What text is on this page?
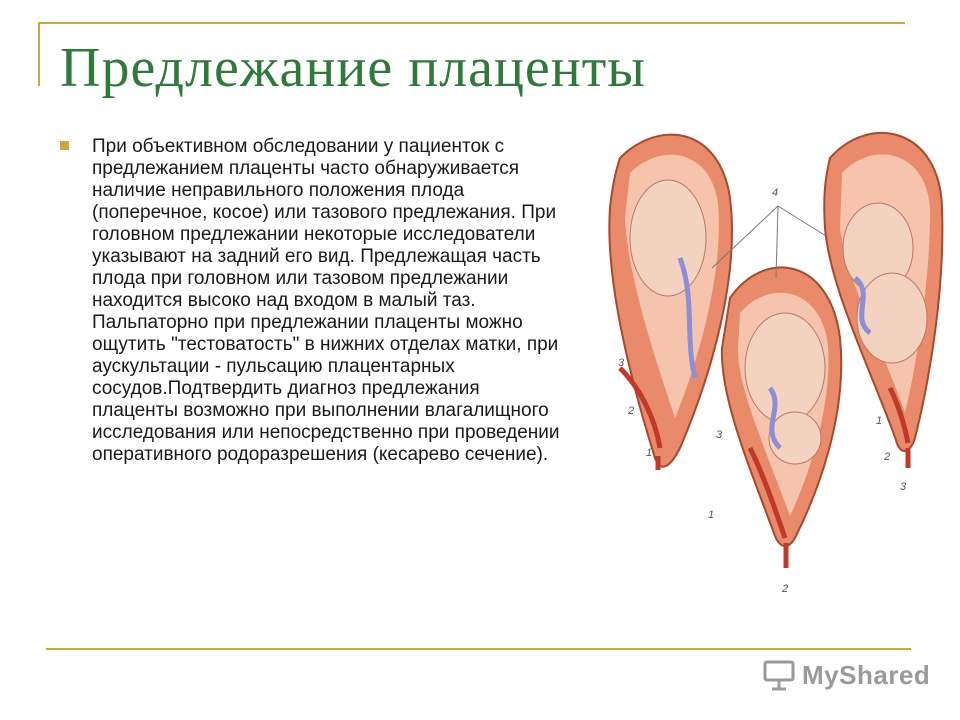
Предлежание плаценты

При объективном обследовании у пациенток с предлежанием плаценты часто обнаруживается наличие неправильного положения плода (поперечное, косое) или тазового предлежания. При головном предлежании некоторые исследователи указывают на задний его вид. Предлежащая часть плода при головном или тазовом предлежании находится высоко над входом в малый таз. Пальпаторно при предлежании плаценты можно ощутить "тестоватость" в нижних отделах матки, при аускультации - пульсацию плацентарных сосудов.Подтвердить диагноз предлежания плаценты возможно при выполнении влагалищного исследования или непосредственно при проведении оперативного родоразрешения (кесарево сечение).

4
3
2
1
3
1
2
1
2
3
MyShared
